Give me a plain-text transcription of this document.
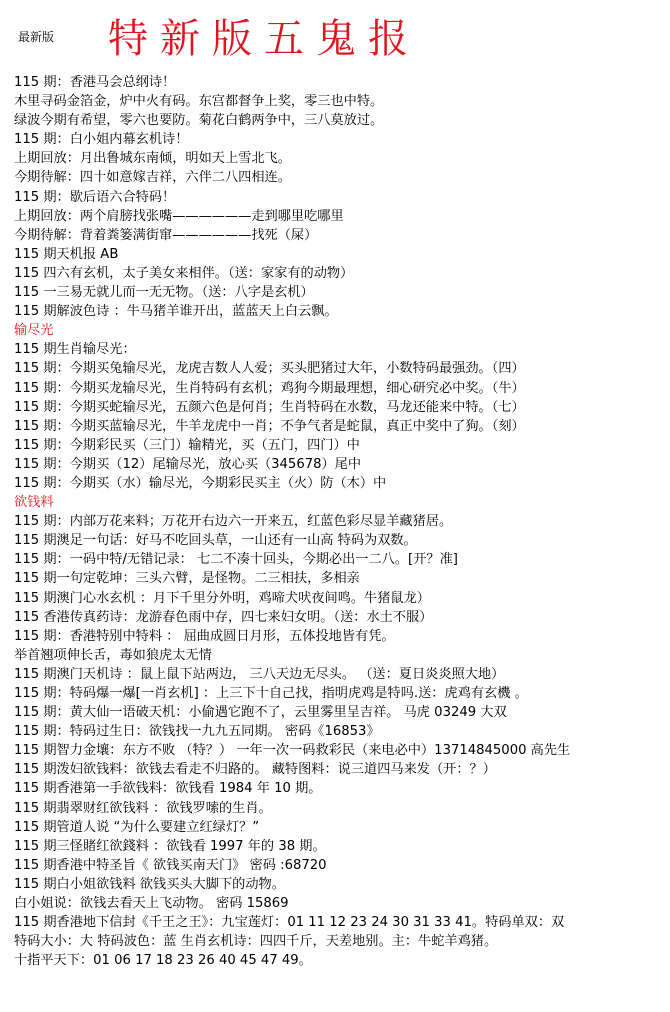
最新版 特新版五鬼报
115 期：香港马会总纲诗！
木里寻码金箔金，炉中火有码。东宫都督争上奖，零三也中特。
绿波今期有希望，零六也要防。菊花白鹤两争中，三八莫放过。
115 期：白小姐内幕玄机诗！
上期回放：月出鲁城东南倾，明如天上雪北飞。
今期待解：四十如意嫁吉祥，六伴二八四相连。
115 期：歇后语六合特码！
上期回放：两个肩膀找张嘴——————走到哪里吃哪里
今期待解：背着粪篓满街窜——————找死（屎）
115 期天机报 AB
115 四六有玄机，太子美女来相伴。（送：家家有的动物）
115 一三易无就儿而一无无物。（送：八字是玄机）
115 期解波色诗 ：牛马猪羊谁开出，蓝蓝天上白云飘。
输尽光
115 期生肖输尽光：
115 期：今期买兔输尽光，龙虎吉数人人爱；买头肥猪过大年，小数特码最强劲。（四）
115 期：今期买龙输尽光，生肖特码有玄机；鸡狗今期最理想，细心研究必中奖。（牛）
115 期：今期买蛇输尽光，五颜六色是何肖；生肖特码在水数，马龙还能来中特。（七）
115 期：今期买蓝输尽光，牛羊龙虎中一肖；不争气者是蛇鼠，真正中奖中了狗。（刻）
115 期：今期彩民买（三门）输精光，买（五门，四门）中
115 期：今期买（12）尾输尽光，放心买（345678）尾中
115 期：今期买（水）输尽光，今期彩民买主（火）防（木）中
欲钱料
115 期：内部万花来料；万花开右边六一开来五，红蓝色彩尽显羊藏猪居。
115 期澳足一句话：好马不吃回头草，一山还有一山高 特码为双数。
115 期：一码中特/无错记录： 七二不凑十回头，今期必出一二八。[开？准]
115 期一句定乾坤：三头六臂，是怪物。二三相扶，多相亲
115 期澳门心水玄机 ：月下千里分外明，鸡啼犬吠夜间鸣。牛猪鼠龙）
115 香港传真药诗：龙游春色雨中存，四七来妇女明。（送：水土不服）
115 期：香港特别中特料 ： 屈曲成圆日月形，五体投地皆有凭。
举首翘项伸长舌，毒如狼虎太无情
115 期澳门天机诗 ：鼠上鼠下站两边， 三八天边无尽头。 （送：夏日炎炎照大地）
115 期：特码爆一爆[一肖玄机] ：上三下十自己找，指明虎鸡是特吗.送：虎鸡有玄機 。
115 期：黄大仙一语破天机：小偷遇它跑不了，云里雾里呈吉祥。 马虎 03249 大双
115 期：特码过生日：欲钱找一九九五同期。 密码《16853》
115 期智力金壤：东方不败 （特？） 一年一次一码救彩民（来电必中）13714845000 高先生
115 期泼妇欲钱料：欲钱去看走不归路的。 藏特图料：说三道四马来发（开：？）
115 期香港第一手欲钱料：欲钱看 1984 年 10 期。
115 期翡翠财红欲钱料 ：欲钱罗嗦的生肖。
115 期管道人说 “为什么要建立红绿灯？”
115 期三怪賭红欲錢料 ：欲钱看 1997 年的 38 期。
115 期香港中特圣旨《 欲钱买南天门》 密码 :68720
115 期白小姐欲钱料 欲钱买头大脚下的动物。
白小姐说：欲钱去看天上飞动物。 密码 15869
115 期香港地下信封《千王之王》：九宝莲灯：01 11 12 23 24 30 31 33 41。特码单双：双
特码大小：大 特码波色：蓝 生肖玄机诗：四四千斤，天差地别。主：牛蛇羊鸡猪。
十指平天下：01 06 17 18 23 26 40 45 47 49。
